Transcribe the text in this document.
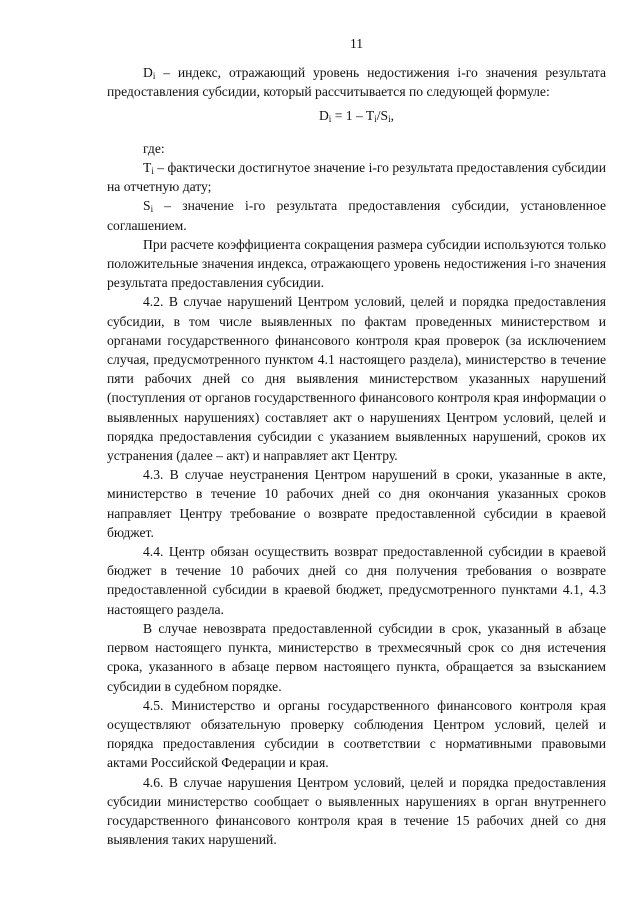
11

$D_i$ – индекс, отражающий уровень недостижения i-го значения результата предоставления субсидии, который рассчитывается по следующей формуле:

$D_i = 1 - T_i/S_i$,

где:

$T_i$ – фактически достигнутое значение i-го результата предоставления субсидии на отчетную дату;

$S_i$ – значение i-го результата предоставления субсидии, установленное соглашением.

При расчете коэффициента сокращения размера субсидии используются только положительные значения индекса, отражающего уровень недостижения i-го значения результата предоставления субсидии.

4.2. В случае нарушений Центром условий, целей и порядка предоставления субсидии, в том числе выявленных по фактам проведенных министерством и органами государственного финансового контроля края проверок (за исключением случая, предусмотренного пунктом 4.1 настоящего раздела), министерство в течение пяти рабочих дней со дня выявления министерством указанных нарушений (поступления от органов государственного финансового контроля края информации о выявленных нарушениях) составляет акт о нарушениях Центром условий, целей и порядка предоставления субсидии с указанием выявленных нарушений, сроков их устранения (далее – акт) и направляет акт Центру.

4.3. В случае неустранения Центром нарушений в сроки, указанные в акте, министерство в течение 10 рабочих дней со дня окончания указанных сроков направляет Центру требование о возврате предоставленной субсидии в краевой бюджет.

4.4. Центр обязан осуществить возврат предоставленной субсидии в краевой бюджет в течение 10 рабочих дней со дня получения требования о возврате предоставленной субсидии в краевой бюджет, предусмотренного пунктами 4.1, 4.3 настоящего раздела.

В случае невозврата предоставленной субсидии в срок, указанный в абзаце первом настоящего пункта, министерство в трехмесячный срок со дня истечения срока, указанного в абзаце первом настоящего пункта, обращается за взысканием субсидии в судебном порядке.

4.5. Министерство и органы государственного финансового контроля края осуществляют обязательную проверку соблюдения Центром условий, целей и порядка предоставления субсидии в соответствии с нормативными правовыми актами Российской Федерации и края.

4.6. В случае нарушения Центром условий, целей и порядка предоставления субсидии министерство сообщает о выявленных нарушениях в орган внутреннего государственного финансового контроля края в течение 15 рабочих дней со дня выявления таких нарушений.
